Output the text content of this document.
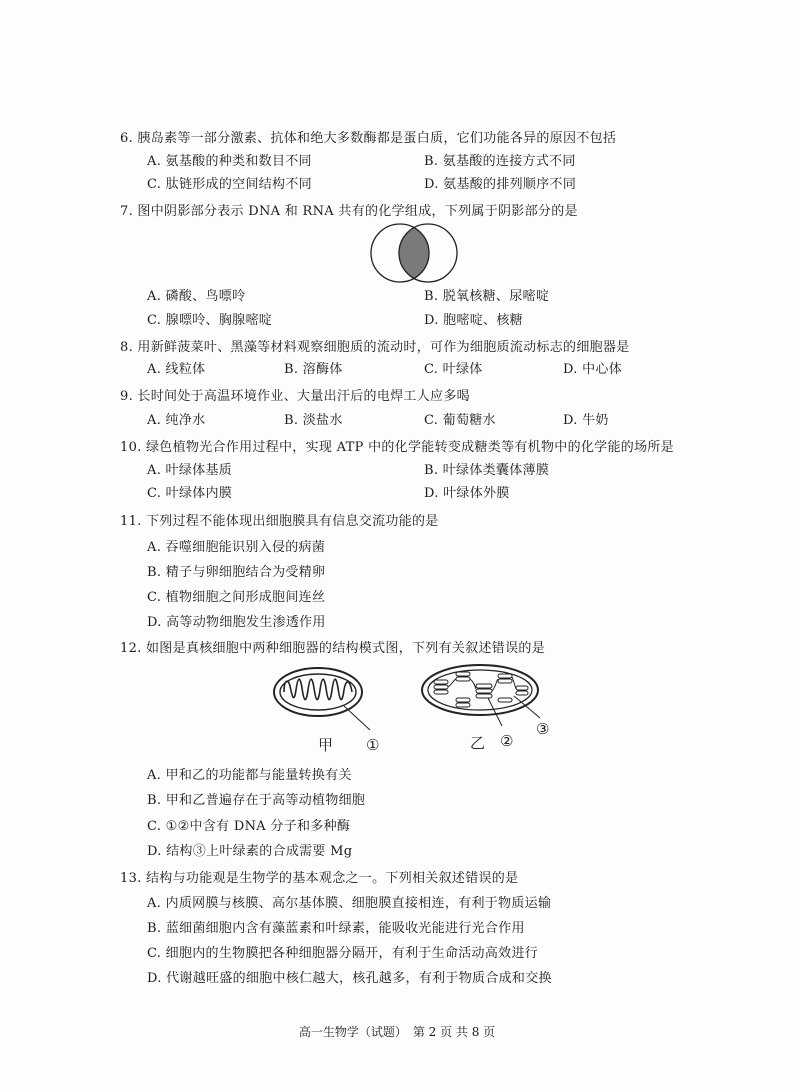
6. 胰岛素等一部分激素、抗体和绝大多数酶都是蛋白质，它们功能各异的原因不包括
A. 氨基酸的种类和数目不同	B. 氨基酸的连接方式不同
C. 肽链形成的空间结构不同	D. 氨基酸的排列顺序不同
7. 图中阴影部分表示 DNA 和 RNA 共有的化学组成，下列属于阴影部分的是
A. 磷酸、鸟嘌呤	B. 脱氧核糖、尿嘧啶
C. 腺嘌呤、胸腺嘧啶	D. 胞嘧啶、核糖
8. 用新鲜菠菜叶、黑藻等材料观察细胞质的流动时，可作为细胞质流动标志的细胞器是
A. 线粒体	B. 溶酶体	C. 叶绿体	D. 中心体
9. 长时间处于高温环境作业、大量出汗后的电焊工人应多喝
A. 纯净水	B. 淡盐水	C. 葡萄糖水	D. 牛奶
10. 绿色植物光合作用过程中，实现 ATP 中的化学能转变成糖类等有机物中的化学能的场所是
A. 叶绿体基质	B. 叶绿体类囊体薄膜
C. 叶绿体内膜	D. 叶绿体外膜
11. 下列过程不能体现出细胞膜具有信息交流功能的是
A. 吞噬细胞能识别入侵的病菌
B. 精子与卵细胞结合为受精卵
C. 植物细胞之间形成胞间连丝
D. 高等动物细胞发生渗透作用
12. 如图是真核细胞中两种细胞器的结构模式图，下列有关叙述错误的是
甲 ①	乙 ②
③
A. 甲和乙的功能都与能量转换有关
B. 甲和乙普遍存在于高等动植物细胞
C. ①②中含有 DNA 分子和多种酶
D. 结构③上叶绿素的合成需要 Mg
13. 结构与功能观是生物学的基本观念之一。下列相关叙述错误的是
A. 内质网膜与核膜、高尔基体膜、细胞膜直接相连，有利于物质运输
B. 蓝细菌细胞内含有藻蓝素和叶绿素，能吸收光能进行光合作用
C. 细胞内的生物膜把各种细胞器分隔开，有利于生命活动高效进行
D. 代谢越旺盛的细胞中核仁越大，核孔越多，有利于物质合成和交换
高一生物学（试题）　第 2 页 共 8 页
